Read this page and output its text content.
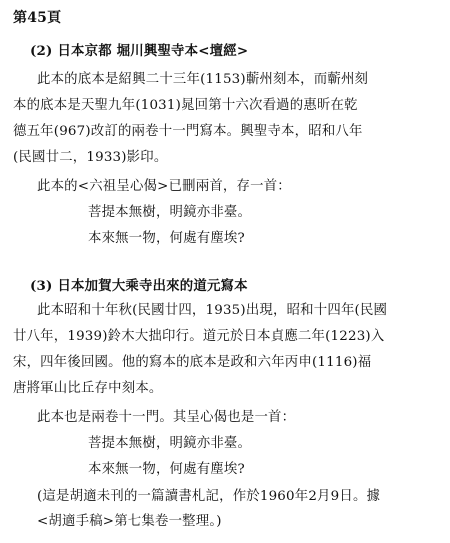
第45頁
(2) 日本京都 堀川興聖寺本<壇經>
此本的底本是紹興二十三年(1153)蘄州刻本，而蘄州刻
本的底本是天聖九年(1031)晁回第十六次看過的惠昕在乾
德五年(967)改訂的兩卷十一門寫本。興聖寺本，昭和八年
(民國廿二，1933)影印。
此本的<六祖呈心偈>已刪兩首，存一首：
菩提本無樹，明鏡亦非臺。
本來無一物，何處有塵埃?
(3) 日本加賀大乘寺出來的道元寫本
此本昭和十年秋(民國廿四，1935)出現，昭和十四年(民國
廿八年，1939)鈴木大拙印行。道元於日本貞應二年(1223)入
宋，四年後回國。他的寫本的底本是政和六年丙申(1116)福
唐將軍山比丘存中刻本。
此本也是兩卷十一門。其呈心偈也是一首：
菩提本無樹，明鏡亦非臺。
本來無一物，何處有塵埃?
(這是胡適未刊的一篇讀書札記，作於1960年2月9日。據
<胡適手稿>第七集卷一整理。)
